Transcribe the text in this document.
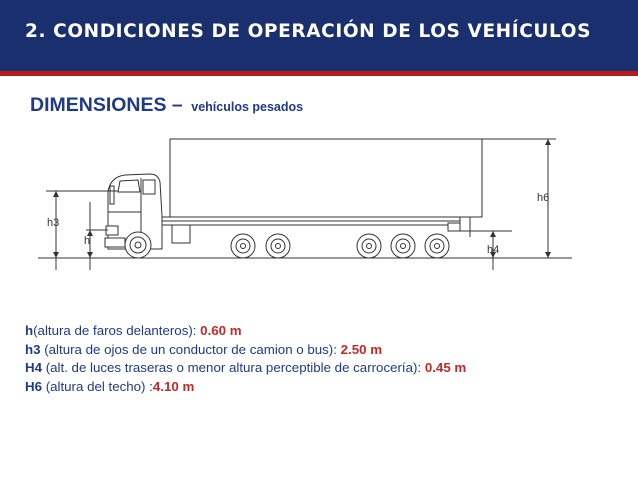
2. CONDICIONES DE OPERACIÓN DE LOS VEHÍCULOS
DIMENSIONES – vehículos pesados
h6
h4
h3
h
h(altura de faros delanteros): 0.60 m
h3 (altura de ojos de un conductor de camion o bus): 2.50 m
H4 (alt. de luces traseras o menor altura perceptible de carrocería): 0.45 m
H6 (altura del techo) :4.10 m
